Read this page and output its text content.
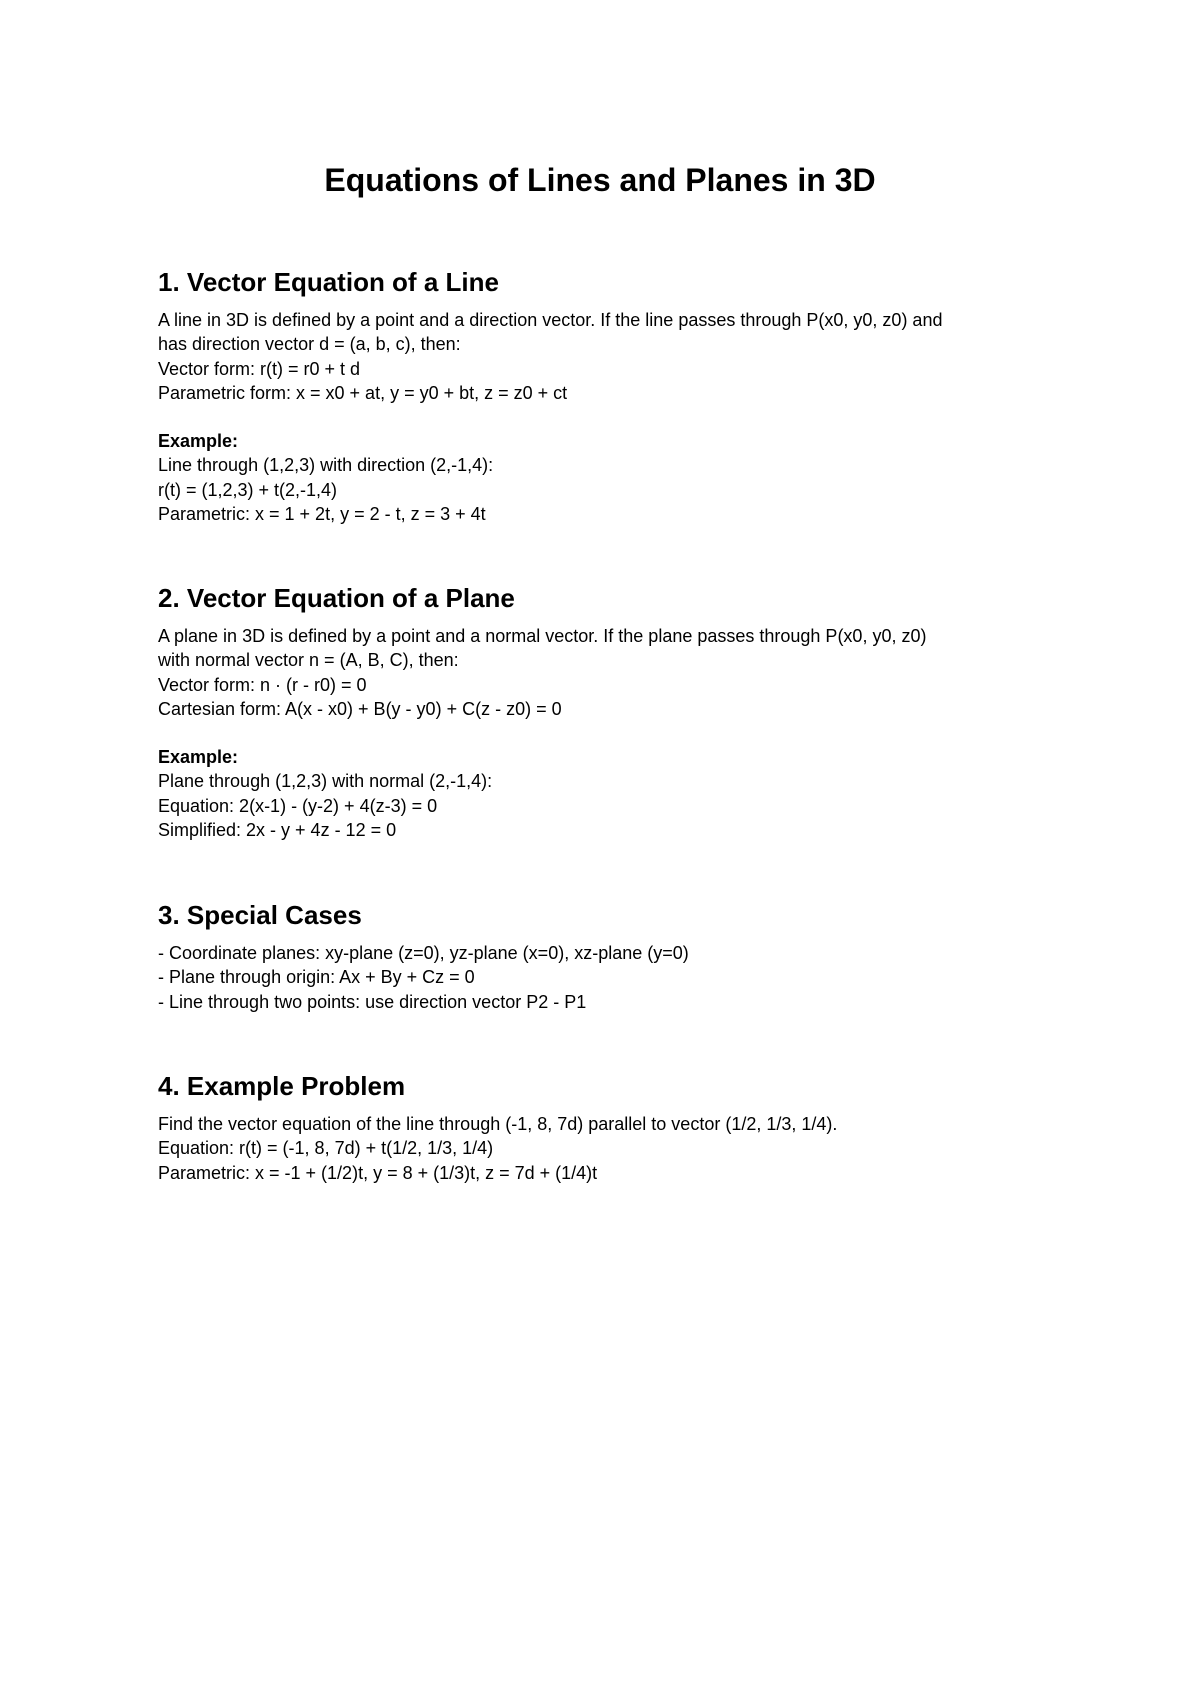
Equations of Lines and Planes in 3D
1. Vector Equation of a Line

A line in 3D is defined by a point and a direction vector. If the line passes through P(x0, y0, z0) and

has direction vector d = (a, b, c), then:

Vector form: r(t) = r0 + t d

Parametric form: x = x0 + at, y = y0 + bt, z = z0 + ct

Example:

Line through (1,2,3) with direction (2,-1,4):

r(t) = (1,2,3) + t(2,-1,4)

Parametric: x = 1 + 2t, y = 2 - t, z = 3 + 4t

2. Vector Equation of a Plane

A plane in 3D is defined by a point and a normal vector. If the plane passes through P(x0, y0, z0)

with normal vector n = (A, B, C), then:

Vector form: n · (r - r0) = 0

Cartesian form: A(x - x0) + B(y - y0) + C(z - z0) = 0

Example:

Plane through (1,2,3) with normal (2,-1,4):

Equation: 2(x-1) - (y-2) + 4(z-3) = 0

Simplified: 2x - y + 4z - 12 = 0

3. Special Cases

- Coordinate planes: xy-plane (z=0), yz-plane (x=0), xz-plane (y=0)

- Plane through origin: Ax + By + Cz = 0

- Line through two points: use direction vector P2 - P1

4. Example Problem

Find the vector equation of the line through (-1, 8, 7d) parallel to vector (1/2, 1/3, 1/4).

Equation: r(t) = (-1, 8, 7d) + t(1/2, 1/3, 1/4)

Parametric: x = -1 + (1/2)t, y = 8 + (1/3)t, z = 7d + (1/4)t
